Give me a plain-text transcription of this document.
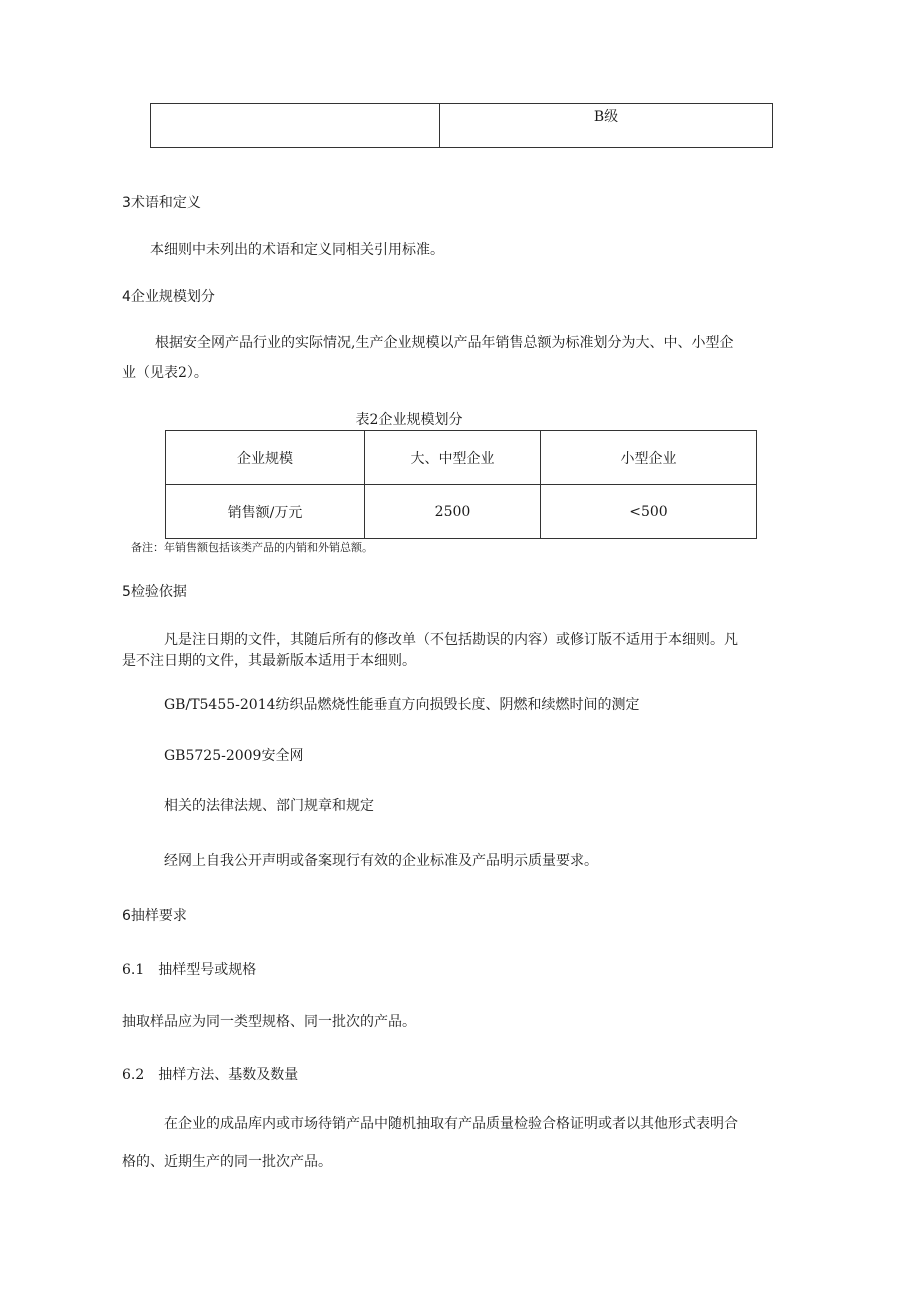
B级
3术语和定义
本细则中未列出的术语和定义同相关引用标准。
4企业规模划分
根据安全网产品行业的实际情况,生产企业规模以产品年销售总额为标准划分为大、中、小型企
业（见表2）。
表2企业规模划分
企业规模	大、中型企业	小型企业
销售额/万元	2500	<500
备注：年销售额包括该类产品的内销和外销总额。
5检验依据
凡是注日期的文件，其随后所有的修改单（不包括勘误的内容）或修订版不适用于本细则。凡
是不注日期的文件，其最新版本适用于本细则。
GB/T5455-2014纺织品燃烧性能垂直方向损毁长度、阴燃和续燃时间的测定
GB5725-2009安全网
相关的法律法规、部门规章和规定
经网上自我公开声明或备案现行有效的企业标准及产品明示质量要求。
6抽样要求
6.1　抽样型号或规格
抽取样品应为同一类型规格、同一批次的产品。
6.2　抽样方法、基数及数量
在企业的成品库内或市场待销产品中随机抽取有产品质量检验合格证明或者以其他形式表明合
格的、近期生产的同一批次产品。
